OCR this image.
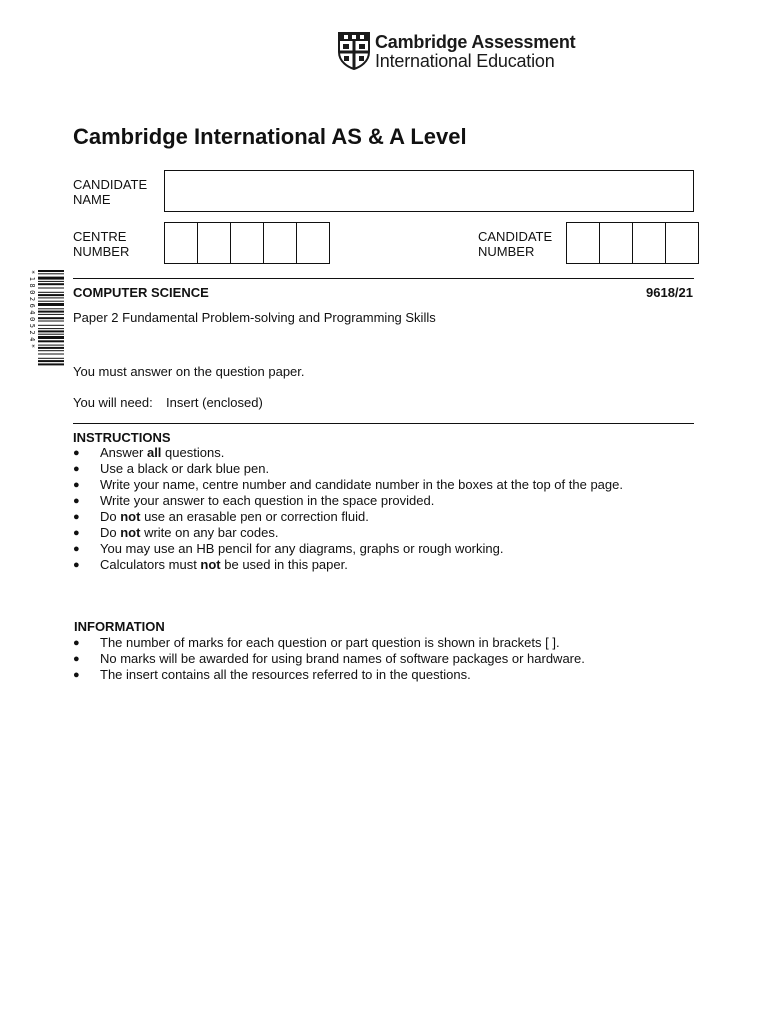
Cambridge Assessment
International Education
Cambridge International AS & A Level
CANDIDATE
NAME
CENTRE
NUMBER
CANDIDATE
NUMBER
*1802640524*	COMPUTER SCIENCE	9618/21
Paper 2 Fundamental Problem-solving and Programming Skills
You must answer on the question paper.
You will need: Insert (enclosed)
INSTRUCTIONS
● Answer all questions.
● Use a black or dark blue pen.
● Write your name, centre number and candidate number in the boxes at the top of the page.
● Write your answer to each question in the space provided.
● Do not use an erasable pen or correction fluid.
● Do not write on any bar codes.
● You may use an HB pencil for any diagrams, graphs or rough working.
● Calculators must not be used in this paper.
INFORMATION
● The number of marks for each question or part question is shown in brackets [ ].
● No marks will be awarded for using brand names of software packages or hardware.
● The insert contains all the resources referred to in the questions.
